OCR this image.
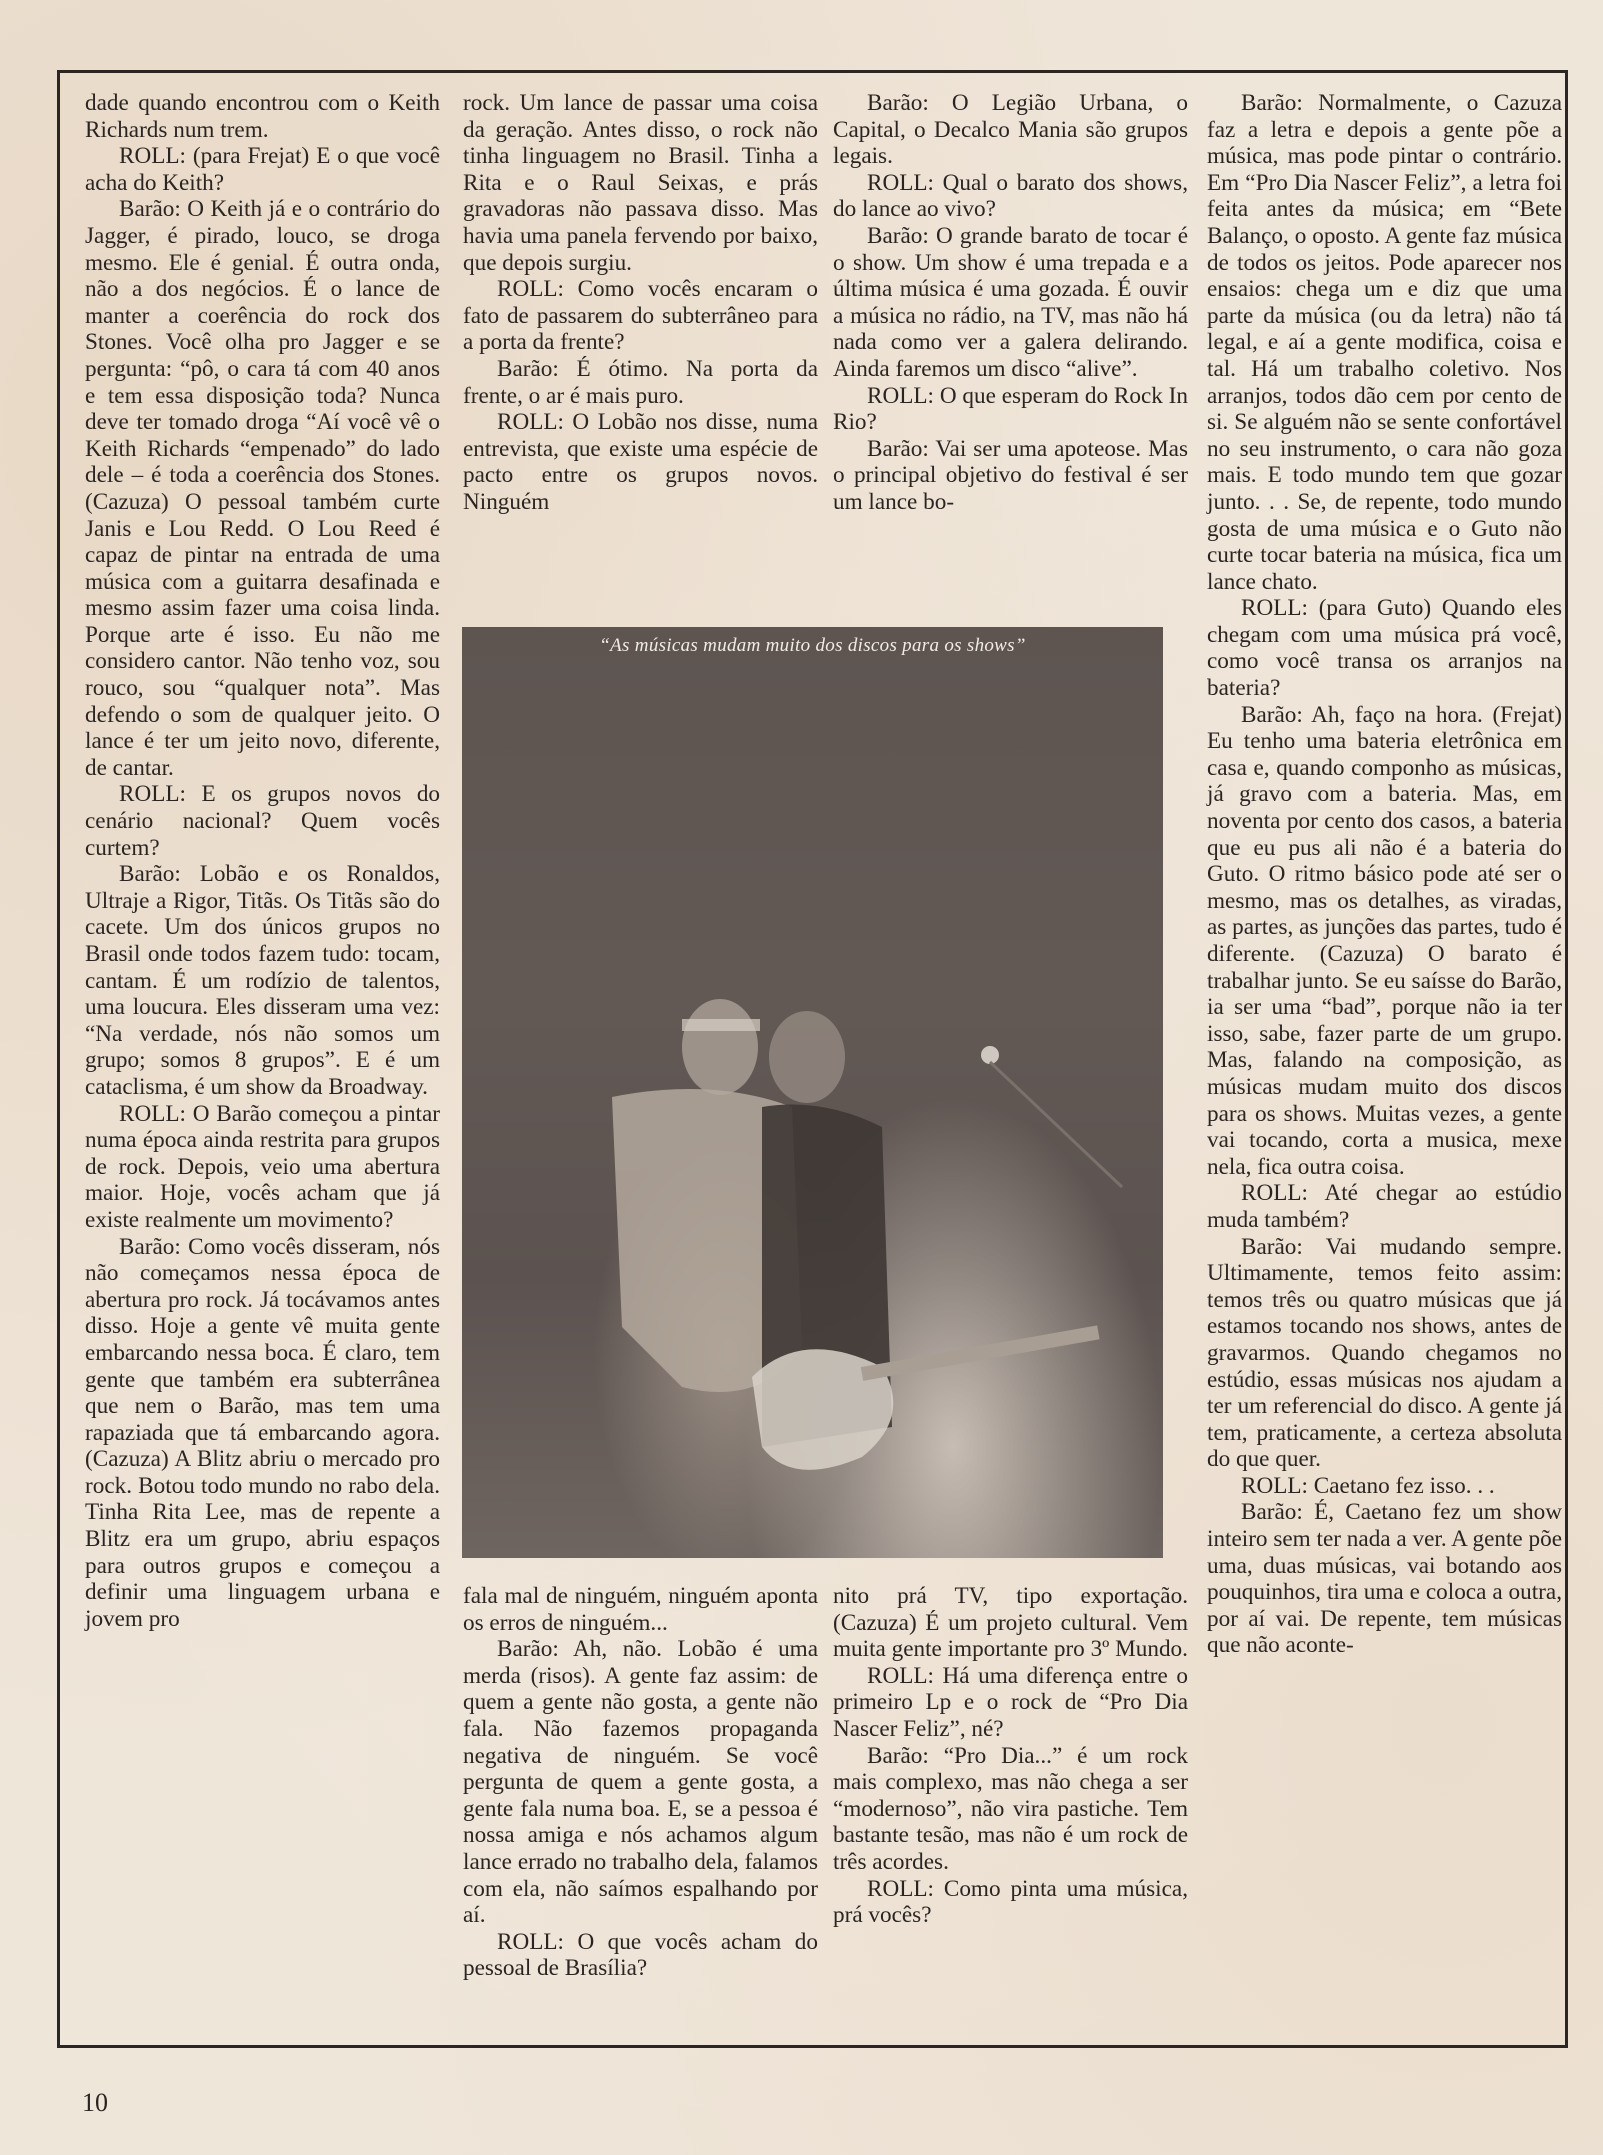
dade quando encontrou com o Keith Richards num trem.

ROLL: (para Frejat) E o que você acha do Keith?

Barão: O Keith já e o contrário do Jagger, é pirado, louco, se droga mesmo. Ele é genial. É outra onda, não a dos negócios. É o lance de manter a coerência do rock dos Stones. Você olha pro Jagger e se pergunta: “pô, o cara tá com 40 anos e tem essa disposição toda? Nunca deve ter tomado droga “Aí você vê o Keith Richards “empenado” do lado dele – é toda a coerência dos Stones. (Cazuza) O pessoal também curte Janis e Lou Redd. O Lou Reed é capaz de pintar na entrada de uma música com a guitarra desafinada e mesmo assim fazer uma coisa linda. Porque arte é isso. Eu não me considero cantor. Não tenho voz, sou rouco, sou “qualquer nota”. Mas defendo o som de qualquer jeito. O lance é ter um jeito novo, diferente, de cantar.

ROLL: E os grupos novos do cenário nacional? Quem vocês curtem?

Barão: Lobão e os Ronaldos, Ultraje a Rigor, Titãs. Os Titãs são do cacete. Um dos únicos grupos no Brasil onde todos fazem tudo: tocam, cantam. É um rodízio de talentos, uma loucura. Eles disseram uma vez: “Na verdade, nós não somos um grupo; somos 8 grupos”. E é um cataclisma, é um show da Broadway.

ROLL: O Barão começou a pintar numa época ainda restrita para grupos de rock. Depois, veio uma abertura maior. Hoje, vocês acham que já existe realmente um movimento?

Barão: Como vocês disseram, nós não começamos nessa época de abertura pro rock. Já tocávamos antes disso. Hoje a gente vê muita gente embarcando nessa boca. É claro, tem gente que também era subterrânea que nem o Barão, mas tem uma rapaziada que tá embarcando agora. (Cazuza) A Blitz abriu o mercado pro rock. Botou todo mundo no rabo dela. Tinha Rita Lee, mas de repente a Blitz era um grupo, abriu espaços para outros grupos e começou a definir uma linguagem urbana e jovem pro

rock. Um lance de passar uma coisa da geração. Antes disso, o rock não tinha linguagem no Brasil. Tinha a Rita e o Raul Seixas, e prás gravadoras não passava disso. Mas havia uma panela fervendo por baixo, que depois surgiu.

ROLL: Como vocês encaram o fato de passarem do subterrâneo para a porta da frente?

Barão: É ótimo. Na porta da frente, o ar é mais puro.

ROLL: O Lobão nos disse, numa entrevista, que existe uma espécie de pacto entre os grupos novos. Ninguém

Barão: O Legião Urbana, o Capital, o Decalco Mania são grupos legais.

ROLL: Qual o barato dos shows, do lance ao vivo?

Barão: O grande barato de tocar é o show. Um show é uma trepada e a última música é uma gozada. É ouvir a música no rádio, na TV, mas não há nada como ver a galera delirando. Ainda faremos um disco “alive”.

ROLL: O que esperam do Rock In Rio?

Barão: Vai ser uma apoteose. Mas o principal objetivo do festival é ser um lance bo-

Barão: Normalmente, o Cazuza faz a letra e depois a gente põe a música, mas pode pintar o contrário. Em “Pro Dia Nascer Feliz”, a letra foi feita antes da música; em “Bete Balanço, o oposto. A gente faz música de todos os jeitos. Pode aparecer nos ensaios: chega um e diz que uma parte da música (ou da letra) não tá legal, e aí a gente modifica, coisa e tal. Há um trabalho coletivo. Nos arranjos, todos dão cem por cento de si. Se alguém não se sente confortável no seu instrumento, o cara não goza mais. E todo mundo tem que gozar junto. . . Se, de repente, todo mundo gosta de uma música e o Guto não curte tocar bateria na música, fica um lance chato.

ROLL: (para Guto) Quando eles chegam com uma música prá você, como você transa os arranjos na bateria?

Barão: Ah, faço na hora. (Frejat) Eu tenho uma bateria eletrônica em casa e, quando componho as músicas, já gravo com a bateria. Mas, em noventa por cento dos casos, a bateria que eu pus ali não é a bateria do Guto. O ritmo básico pode até ser o mesmo, mas os detalhes, as viradas, as partes, as junções das partes, tudo é diferente. (Cazuza) O barato é trabalhar junto. Se eu saísse do Barão, ia ser uma “bad”, porque não ia ter isso, sabe, fazer parte de um grupo. Mas, falando na composição, as músicas mudam muito dos discos para os shows. Muitas vezes, a gente vai tocando, corta a musica, mexe nela, fica outra coisa.

ROLL: Até chegar ao estúdio muda também?

Barão: Vai mudando sempre. Ultimamente, temos feito assim: temos três ou quatro músicas que já estamos tocando nos shows, antes de gravarmos. Quando chegamos no estúdio, essas músicas nos ajudam a ter um referencial do disco. A gente já tem, praticamente, a certeza absoluta do que quer.

ROLL: Caetano fez isso. . .

Barão: É, Caetano fez um show inteiro sem ter nada a ver. A gente põe uma, duas músicas, vai botando aos pouquinhos, tira uma e coloca a outra, por aí vai. De repente, tem músicas que não aconte-

“As músicas mudam muito dos discos para os shows”

fala mal de ninguém, ninguém aponta os erros de ninguém...

Barão: Ah, não. Lobão é uma merda (risos). A gente faz assim: de quem a gente não gosta, a gente não fala. Não fazemos propaganda negativa de ninguém. Se você pergunta de quem a gente gosta, a gente fala numa boa. E, se a pessoa é nossa amiga e nós achamos algum lance errado no trabalho dela, falamos com ela, não saímos espalhando por aí.

ROLL: O que vocês acham do pessoal de Brasília?

nito prá TV, tipo exportação. (Cazuza) É um projeto cultural. Vem muita gente importante pro 3º Mundo.

ROLL: Há uma diferença entre o primeiro Lp e o rock de “Pro Dia Nascer Feliz”, né?

Barão: “Pro Dia...” é um rock mais complexo, mas não chega a ser “modernoso”, não vira pastiche. Tem bastante tesão, mas não é um rock de três acordes.

ROLL: Como pinta uma música, prá vocês?

10
